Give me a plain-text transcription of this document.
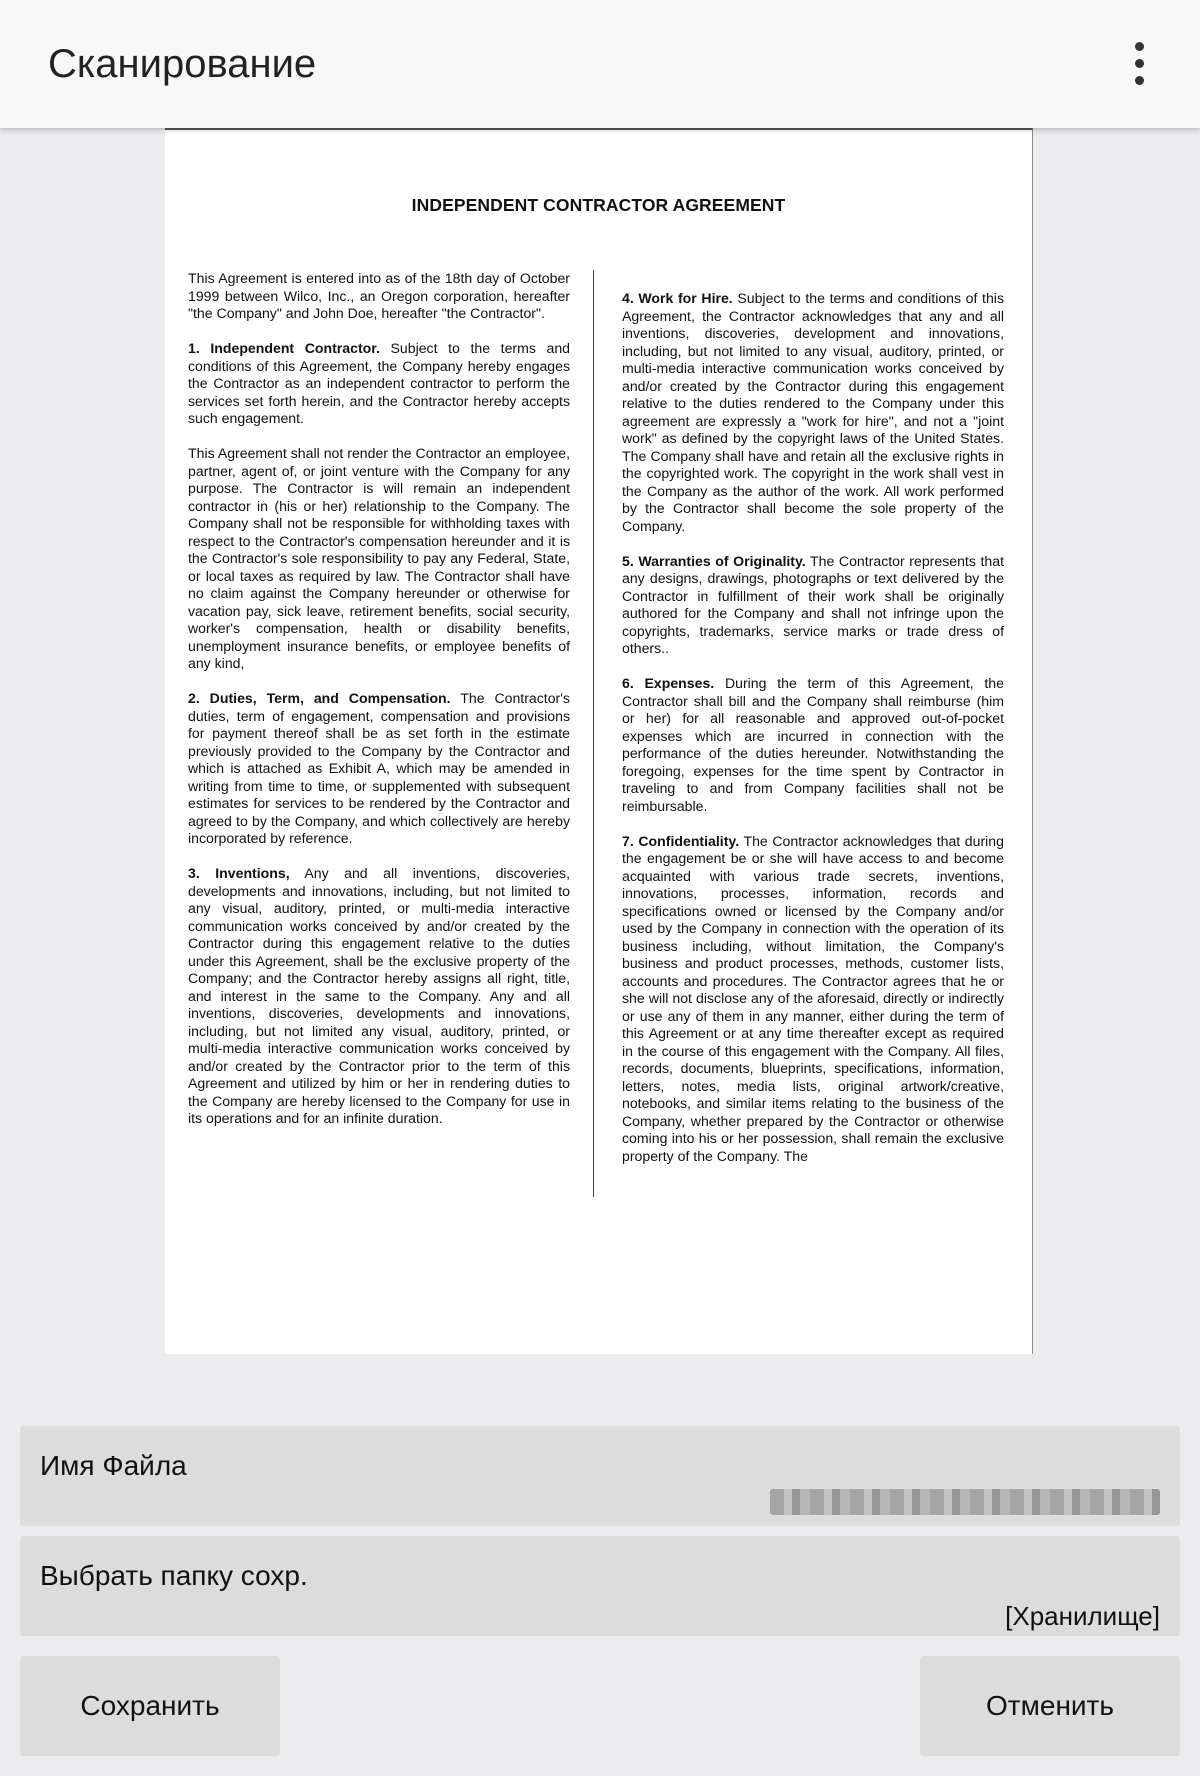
Сканирование
INDEPENDENT CONTRACTOR AGREEMENT

This Agreement is entered into as of the 18th day of October 1999 between Wilco, Inc., an Oregon corporation, hereafter "the Company" and John Doe, hereafter "the Contractor".

1. Independent Contractor. Subject to the terms and conditions of this Agreement, the Company hereby engages the Contractor as an independent contractor to perform the services set forth herein, and the Contractor hereby accepts such engagement.

This Agreement shall not render the Contractor an employee, partner, agent of, or joint venture with the Company for any purpose. The Contractor is will remain an independent contractor in (his or her) relationship to the Company. The Company shall not be responsible for withholding taxes with respect to the Contractor's compensation hereunder and it is the Contractor's sole responsibility to pay any Federal, State, or local taxes as required by law. The Contractor shall have no claim against the Company hereunder or otherwise for vacation pay, sick leave, retirement benefits, social security, worker's compensation, health or disability benefits, unemployment insurance benefits, or employee benefits of any kind,

2. Duties, Term, and Compensation. The Contractor's duties, term of engagement, compensation and provisions for payment thereof shall be as set forth in the estimate previously provided to the Company by the Contractor and which is attached as Exhibit A, which may be amended in writing from time to time, or supplemented with subsequent estimates for services to be rendered by the Contractor and agreed to by the Company, and which collectively are hereby incorporated by reference.

3. Inventions, Any and all inventions, discoveries, developments and innovations, including, but not limited to any visual, auditory, printed, or multi-media interactive communication works conceived by and/or created by the Contractor during this engagement relative to the duties under this Agreement, shall be the exclusive property of the Company; and the Contractor hereby assigns all right, title, and interest in the same to the Company. Any and all inventions, discoveries, developments and innovations, including, but not limited any visual, auditory, printed, or multi-media interactive communication works conceived by and/or created by the Contractor prior to the term of this Agreement and utilized by him or her in rendering duties to the Company are hereby licensed to the Company for use in its operations and for an infinite duration.

4. Work for Hire. Subject to the terms and conditions of this Agreement, the Contractor acknowledges that any and all inventions, discoveries, development and innovations, including, but not limited to any visual, auditory, printed, or multi-media interactive communication works conceived by and/or created by the Contractor during this engagement relative to the duties rendered to the Company under this agreement are expressly a "work for hire", and not a "joint work" as defined by the copyright laws of the United States. The Company shall have and retain all the exclusive rights in the copyrighted work. The copyright in the work shall vest in the Company as the author of the work. All work performed by the Contractor shall become the sole property of the Company.

5. Warranties of Originality. The Contractor represents that any designs, drawings, photographs or text delivered by the Contractor in fulfillment of their work shall be originally authored for the Company and shall not infringe upon the copyrights, trademarks, service marks or trade dress of others..

6. Expenses. During the term of this Agreement, the Contractor shall bill and the Company shall reimburse (him or her) for all reasonable and approved out-of-pocket expenses which are incurred in connection with the performance of the duties hereunder. Notwithstanding the foregoing, expenses for the time spent by Contractor in traveling to and from Company facilities shall not be reimbursable.

7. Confidentiality. The Contractor acknowledges that during the engagement be or she will have access to and become acquainted with various trade secrets, inventions, innovations, processes, information, records and specifications owned or licensed by the Company and/or used by the Company in connection with the operation of its business including, without limitation, the Company's business and product processes, methods, customer lists, accounts and procedures. The Contractor agrees that he or she will not disclose any of the aforesaid, directly or indirectly or use any of them in any manner, either during the term of this Agreement or at any time thereafter except as required in the course of this engagement with the Company. All files, records, documents, blueprints, specifications, information, letters, notes, media lists, original artwork/creative, notebooks, and similar items relating to the business of the Company, whether prepared by the Contractor or otherwise coming into his or her possession, shall remain the exclusive property of the Company. The

Имя Файла
Выбрать папку сохр.
[Хранилище]
Сохранить	Отменить
